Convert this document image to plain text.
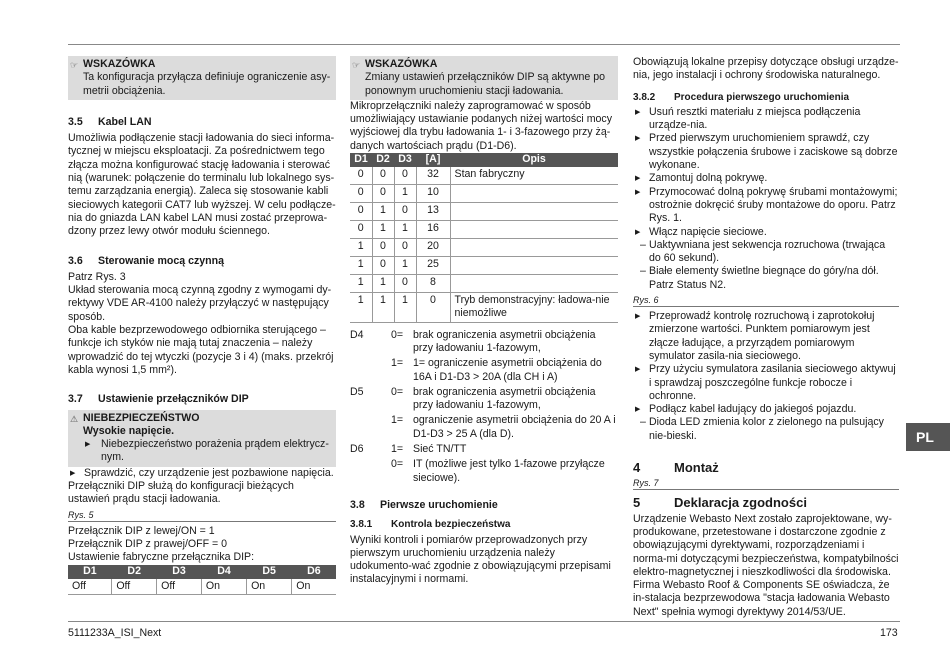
☞ WSKAZÓWKA
Ta konfiguracja przyłącza definiuje ograniczenie asy-metrii obciążenia.
3.5 Kabel LAN

Umożliwia podłączenie stacji ładowania do sieci informa-tycznej w miejscu eksploatacji. Za pośrednictwem tego złącza można konfigurować stację ładowania i sterować nią (warunek: połączenie do terminalu lub lokalnego sys-temu zarządzania energią). Zaleca się stosowanie kabli sieciowych kategorii CAT7 lub wyższej. W celu podłącze-nia do gniazda LAN kabel LAN musi zostać przeprowa-dzony przez lewy otwór modułu ściennego.

3.6 Sterowanie mocą czynną

Patrz Rys. 3

Układ sterowania mocą czynną zgodny z wymogami dy-rektywy VDE AR-4100 należy przyłączyć w następujący sposób.

Oba kable bezprzewodowego odbiornika sterującego – funkcje ich styków nie mają tutaj znaczenia – należy wprowadzić do tej wtyczki (pozycje 3 i 4) (maks. przekrój kabla wynosi 1,5 mm²).

3.7 Ustawienie przełączników DIP
⚠ NIEBEZPIECZEŃSTWO
Wysokie napięcie.
▶ Niebezpieczeństwo porażenia prądem elektrycz-nym.
▶ Sprawdzić, czy urządzenie jest pozbawione napięcia.

Przełączniki DIP służą do konfiguracji bieżących ustawień prądu stacji ładowania.

Rys. 5

Przełącznik DIP z lewej/ON = 1

Przełącznik DIP z prawej/OFF = 0

Ustawienie fabryczne przełącznika DIP:

D1	D2	D3	D4	D5	D6
Off	Off	Off	On	On	On
☞ WSKAZÓWKA
Zmiany ustawień przełączników DIP są aktywne po ponownym uruchomieniu stacji ładowania.

Mikroprzełączniki należy zaprogramować w sposób umożliwiający ustawianie podanych niżej wartości mocy wyjściowej dla trybu ładowania 1- i 3-fazowego przy żą-danych wartościach prądu (D1-D6).

D1	D2	D3	[A]	Opis
0	0	0	32	Stan fabryczny
0	0	1	10	
0	1	0	13	
0	1	1	16	
1	0	0	20	
1	0	1	25	
1	1	0	8	
1	1	1	0	Tryb demonstracyjny: ładowa-nie niemożliwe
D4	0= brak ograniczenia asymetrii obciążenia przy ładowaniu 1-fazowym,
1= 1= ograniczenie asymetrii obciążenia do 16A i D1-D3 > 20A (dla CH i A)
D5	0= brak ograniczenia asymetrii obciążenia przy ładowaniu 1-fazowym,
1= ograniczenie asymetrii obciążenia do 20 A i D1-D3 > 25 A (dla D).
D6	1= Sieć TN/TT
0= IT (możliwe jest tylko 1-fazowe przyłącze sieciowe).
3.8 Pierwsze uruchomienie
3.8.1 Kontrola bezpieczeństwa

Wyniki kontroli i pomiarów przeprowadzonych przy pierwszym uruchomieniu urządzenia należy udokumento-wać zgodnie z obowiązującymi przepisami instalacyjnymi i normami.

Obowiązują lokalne przepisy dotyczące obsługi urządze-nia, jego instalacji i ochrony środowiska naturalnego.

3.8.2 Procedura pierwszego uruchomienia
▶ Usuń resztki materiału z miejsca podłączenia urządze-nia.
▶ Przed pierwszym uruchomieniem sprawdź, czy wszystkie połączenia śrubowe i zaciskowe są dobrze wykonane.
▶ Zamontuj dolną pokrywę.
▶ Przymocować dolną pokrywę śrubami montażowymi; ostrożnie dokręcić śruby montażowe do oporu. Patrz Rys. 1.
▶ Włącz napięcie sieciowe.
– Uaktywniana jest sekwencja rozruchowa (trwająca do 60 sekund).
– Białe elementy świetlne biegnące do góry/na dół. Patrz Status N2.
Rys. 6
▶ Przeprowadź kontrolę rozruchową i zaprotokołuj zmierzone wartości. Punktem pomiarowym jest złącze ładujące, a przyrządem pomiarowym symulator zasila-nia sieciowego.
▶ Przy użyciu symulatora zasilania sieciowego aktywuj i sprawdzaj poszczególne funkcje robocze i ochronne.
▶ Podłącz kabel ładujący do jakiegoś pojazdu.
– Dioda LED zmienia kolor z zielonego na pulsujący nie-bieski.
4	Montaż
Rys. 7
5	Deklaracja zgodności

Urządzenie Webasto Next zostało zaprojektowane, wy-produkowane, przetestowane i dostarczone zgodnie z obowiązującymi dyrektywami, rozporządzeniami i norma-mi dotyczącymi bezpieczeństwa, kompatybilności elektro-magnetycznej i nieszkodliwości dla środowiska.

Firma Webasto Roof & Components SE oświadcza, że in-stalacja bezprzewodowa "stacja ładowania Webasto Next" spełnia wymogi dyrektywy 2014/53/UE.

PL
5111233A_ISI_Next	173
